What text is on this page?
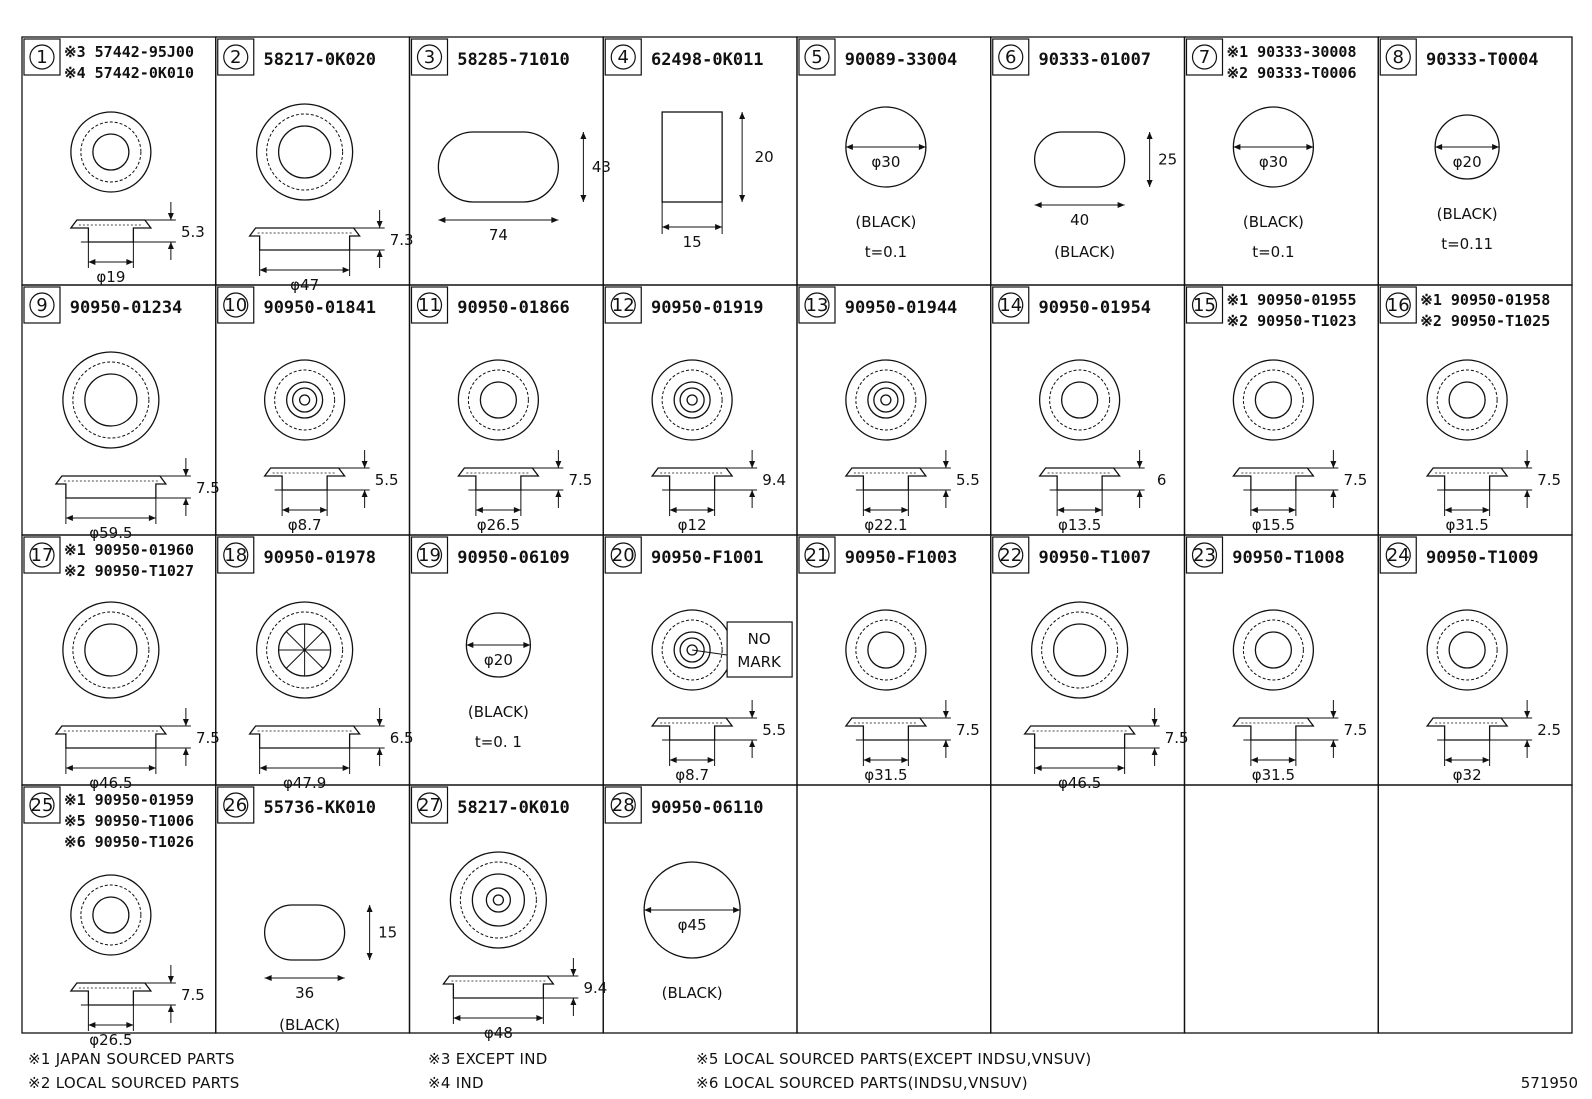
1 ※3 57442-95J00
※4 57442-0K010
5.3
φ19
2 58217-0K020
7.3
φ47
3 58285-71010
43
74
4 62498-0K011
20
15
5 90089-33004
φ30
(BLACK)
t=0.1
6 90333-01007
25
40
(BLACK)
7 ※1 90333-30008
※2 90333-T0006
φ30
(BLACK)
t=0.1
8 90333-T0004
φ20
(BLACK)
t=0.11
9 90950-01234
7.5
φ59.5
10 90950-01841
5.5
φ8.7
11 90950-01866
7.5
φ26.5
12 90950-01919
9.4
φ12
13 90950-01944
5.5
φ22.1
14 90950-01954
6
φ13.5
15 ※1 90950-01955
※2 90950-T1023
7.5
φ15.5
16 ※1 90950-01958
※2 90950-T1025
7.5
φ31.5
17 ※1 90950-01960
※2 90950-T1027
7.5
φ46.5
18 90950-01978
6.5
φ47.9
19 90950-06109
φ20
(BLACK)
t=0. 1
20 90950-F1001
NO
MARK
5.5
φ8.7
21 90950-F1003
7.5
φ31.5
22 90950-T1007
7.5
φ46.5
23 90950-T1008
7.5
φ31.5
24 90950-T1009
2.5
φ32
25 ※1 90950-01959
※5 90950-T1006
※6 90950-T1026
7.5
φ26.5
26 55736-KK010
15
36
(BLACK)
27 58217-0K010
9.4
φ48
28 90950-06110
φ45
(BLACK)
※1 JAPAN SOURCED PARTS
※2 LOCAL SOURCED PARTS
※3 EXCEPT IND
※4 IND
※5 LOCAL SOURCED PARTS(EXCEPT INDSU,VNSUV)
※6 LOCAL SOURCED PARTS(INDSU,VNSUV)	571950
